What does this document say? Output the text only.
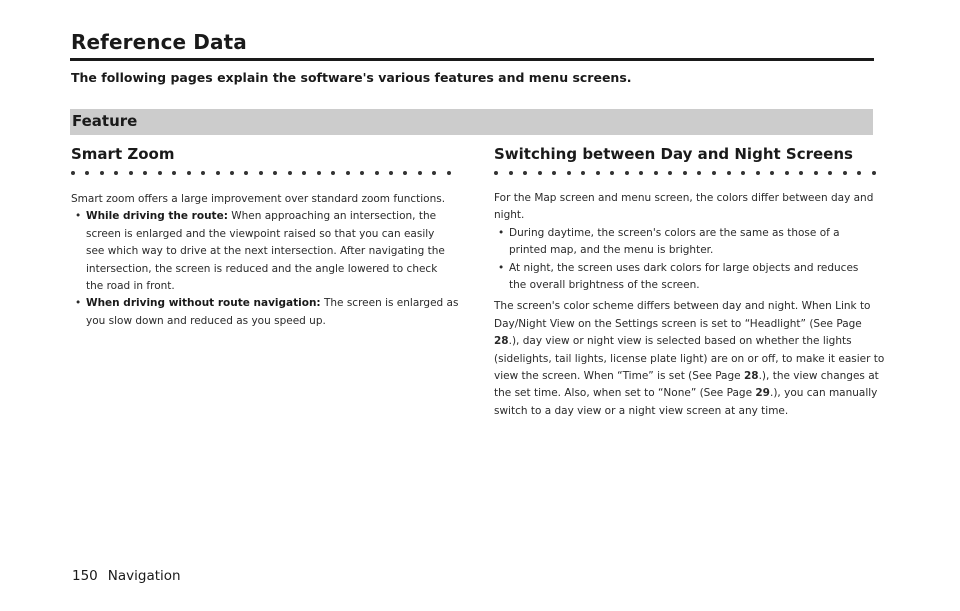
Reference Data
The following pages explain the software's various features and menu screens.
Feature
Smart Zoom

Smart zoom offers a large improvement over standard zoom functions.

• While driving the route: When approaching an intersection, the
screen is enlarged and the viewpoint raised so that you can easily
see which way to drive at the next intersection. After navigating the
intersection, the screen is reduced and the angle lowered to check
the road in front.
• When driving without route navigation: The screen is enlarged as
you slow down and reduced as you speed up.
Switching between Day and Night Screens

For the Map screen and menu screen, the colors differ between day and
night.

• During daytime, the screen's colors are the same as those of a
printed map, and the menu is brighter.
• At night, the screen uses dark colors for large objects and reduces
the overall brightness of the screen.
The screen's color scheme differs between day and night. When Link to
Day/Night View on the Settings screen is set to “Headlight” (See Page
28.), day view or night view is selected based on whether the lights
(sidelights, tail lights, license plate light) are on or off, to make it easier to
view the screen. When “Time” is set (See Page 28.), the view changes at
the set time. Also, when set to “None” (See Page 29.), you can manually
switch to a day view or a night view screen at any time.
150 Navigation
